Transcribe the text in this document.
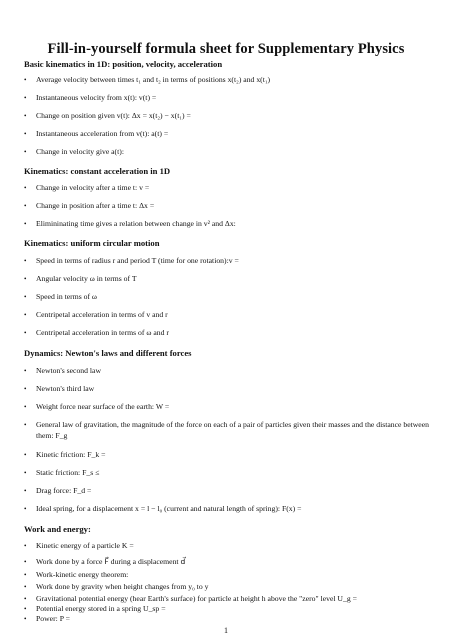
Fill-in-yourself formula sheet for Supplementary Physics
Basic kinematics in 1D: position, velocity, acceleration
• Average velocity between times t₁ and t₂ in terms of positions x(t₂) and x(t₁)
• Instantaneous velocity from x(t): v(t) =
• Change on position given v(t): Δx = x(t₂) − x(t₁) =
• Instantaneous acceleration from v(t): a(t) =
• Change in velocity give a(t):
Kinematics: constant acceleration in 1D
• Change in velocity after a time t: v =
• Change in position after a time t: Δx =
• Elimininating time gives a relation between change in v² and Δx:
Kinematics: uniform circular motion
• Speed in terms of radius r and period T (time for one rotation):v =
• Angular velocity ω in terms of T
• Speed in terms of ω
• Centripetal acceleration in terms of v and r
• Centripetal acceleration in terms of ω and r
Dynamics: Newton's laws and different forces
• Newton's second law
• Newton's third law
• Weight force near surface of the earth: W =
• General law of gravitation, the magnitude of the force on each of a pair of particles given their masses and the distance between them: F_g
• Kinetic friction: F_k =
• Static friction: F_s ≤
• Drag force: F_d =
• Ideal spring, for a displacement x = l − l₀ (current and natural length of spring): F(x) =
Work and energy:
• Kinetic energy of a particle K =
• Work done by a force F⃗ during a displacement d⃗
• Work-kinetic energy theorem:
• Work done by gravity when height changes from y₀ to y
• Gravitational potential energy (hear Earth's surface) for particle at height h above the "zero" level U_g =
• Potential energy stored in a spring U_sp =
• Power: P =
1
